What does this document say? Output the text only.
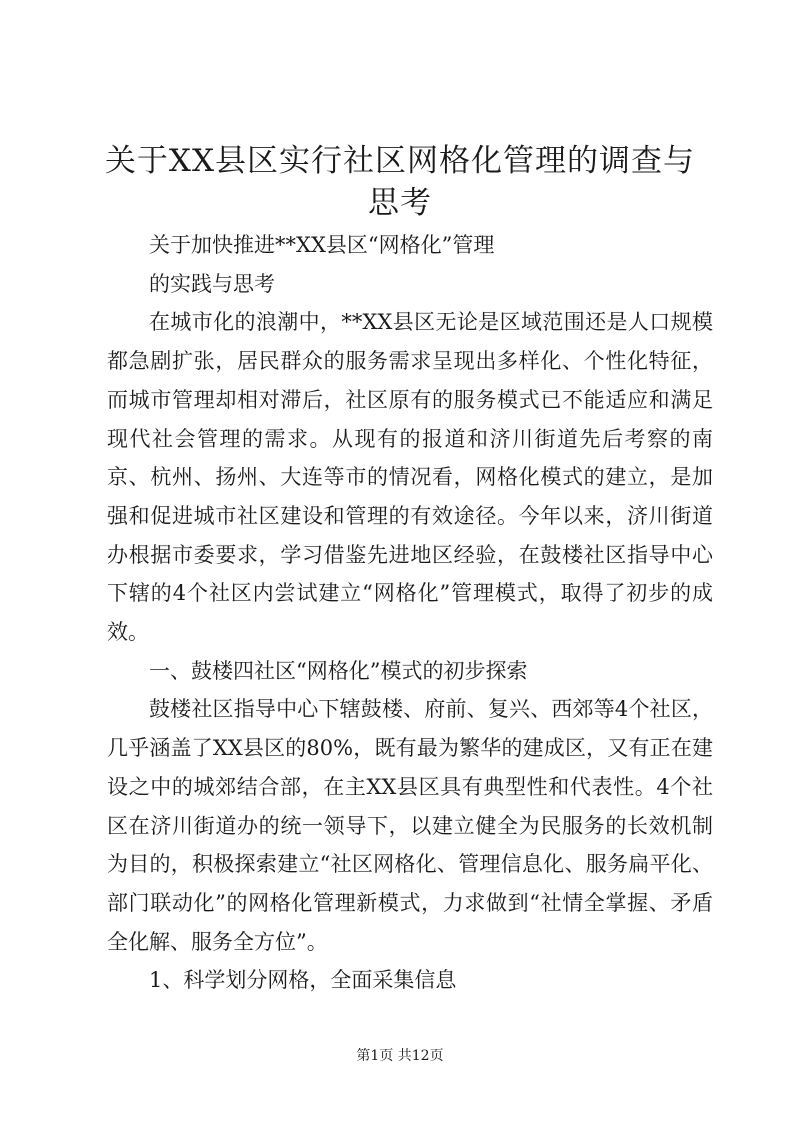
关于XX县区实行社区网格化管理的调查与思考

关于加快推进**XX县区“网格化”管理

的实践与思考

在城市化的浪潮中，**XX县区无论是区域范围还是人口规模都急剧扩张，居民群众的服务需求呈现出多样化、个性化特征，而城市管理却相对滞后，社区原有的服务模式已不能适应和满足现代社会管理的需求。从现有的报道和济川街道先后考察的南京、杭州、扬州、大连等市的情况看，网格化模式的建立，是加强和促进城市社区建设和管理的有效途径。今年以来，济川街道办根据市委要求，学习借鉴先进地区经验，在鼓楼社区指导中心下辖的4个社区内尝试建立“网格化”管理模式，取得了初步的成效。

一、鼓楼四社区“网格化”模式的初步探索

鼓楼社区指导中心下辖鼓楼、府前、复兴、西郊等4个社区，几乎涵盖了XX县区的80%，既有最为繁华的建成区，又有正在建设之中的城郊结合部，在主XX县区具有典型性和代表性。4个社区在济川街道办的统一领导下，以建立健全为民服务的长效机制为目的，积极探索建立“社区网格化、管理信息化、服务扁平化、部门联动化”的网格化管理新模式，力求做到“社情全掌握、矛盾全化解、服务全方位”。

1、科学划分网格，全面采集信息

第1页 共12页
